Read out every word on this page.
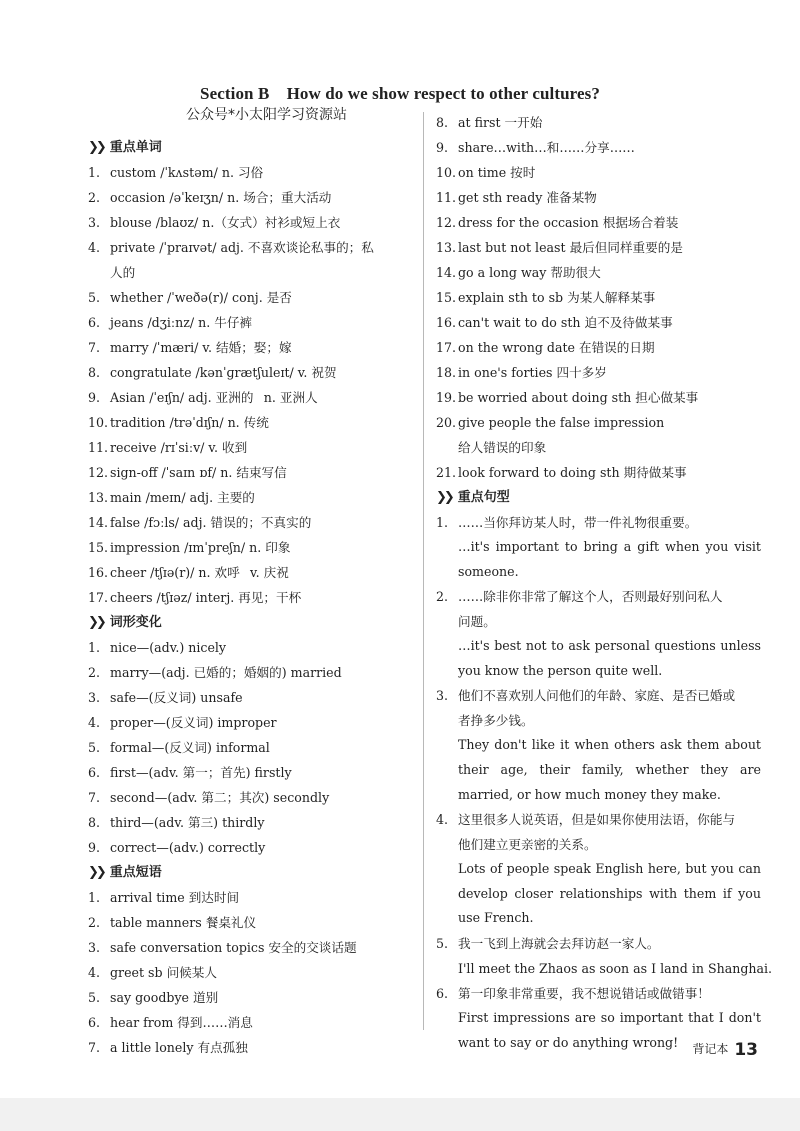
Section B  How do we show respect to other cultures?
公众号*小太阳学习资源站
❯❯ 重点单词
1. custom /ˈkʌstəm/ n. 习俗
2. occasion /əˈkeɪʒn/ n. 场合；重大活动
3. blouse /blaʊz/ n.（女式）衬衫或短上衣
4. private /ˈpraɪvət/ adj. 不喜欢谈论私事的；私
人的
5. whether /ˈweðə(r)/ conj. 是否
6. jeans /dʒiːnz/ n. 牛仔裤
7. marry /ˈmæri/ v. 结婚；娶；嫁
8. congratulate /kənˈɡrætʃuleɪt/ v. 祝贺
9. Asian /ˈeɪʃn/ adj. 亚洲的  n. 亚洲人
10. tradition /trəˈdɪʃn/ n. 传统
11. receive /rɪˈsiːv/ v. 收到
12. sign-off /ˈsaɪn ɒf/ n. 结束写信
13. main /meɪn/ adj. 主要的
14. false /fɔːls/ adj. 错误的；不真实的
15. impression /ɪmˈpreʃn/ n. 印象
16. cheer /tʃɪə(r)/ n. 欢呼  v. 庆祝
17. cheers /tʃɪəz/ interj. 再见；干杯
❯❯ 词形变化
1. nice—(adv.) nicely
2. marry—(adj. 已婚的；婚姻的) married
3. safe—(反义词) unsafe
4. proper—(反义词) improper
5. formal—(反义词) informal
6. first—(adv. 第一；首先) firstly
7. second—(adv. 第二；其次) secondly
8. third—(adv. 第三) thirdly
9. correct—(adv.) correctly
❯❯ 重点短语
1. arrival time 到达时间
2. table manners 餐桌礼仪
3. safe conversation topics 安全的交谈话题
4. greet sb 问候某人
5. say goodbye 道别
6. hear from 得到……消息
7. a little lonely 有点孤独
8. at first 一开始
9. share…with…和……分享……
10. on time 按时
11. get sth ready 准备某物
12. dress for the occasion 根据场合着装
13. last but not least 最后但同样重要的是
14. go a long way 帮助很大
15. explain sth to sb 为某人解释某事
16. can't wait to do sth 迫不及待做某事
17. on the wrong date 在错误的日期
18. in one's forties 四十多岁
19. be worried about doing sth 担心做某事
20. give people the false impression
给人错误的印象
21. look forward to doing sth 期待做某事
❯❯ 重点句型
1. ……当你拜访某人时，带一件礼物很重要。
…it's important to bring a gift when you visit someone.
2. ……除非你非常了解这个人，否则最好别问私人
问题。
…it's best not to ask personal questions unless you know the person quite well.
3. 他们不喜欢别人问他们的年龄、家庭、是否已婚或
者挣多少钱。
They don't like it when others ask them about their age, their family, whether they are married, or how much money they make.
4. 这里很多人说英语，但是如果你使用法语，你能与
他们建立更亲密的关系。
Lots of people speak English here, but you can develop closer relationships with them if you use French.
5. 我一飞到上海就会去拜访赵一家人。
I'll meet the Zhaos as soon as I land in Shanghai.
6. 第一印象非常重要，我不想说错话或做错事！
First impressions are so important that I don't want to say or do anything wrong!	背记本 13
